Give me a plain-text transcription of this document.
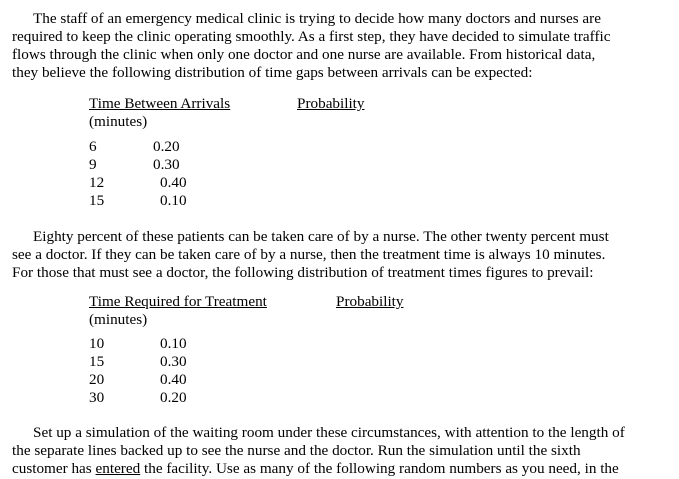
The staff of an emergency medical clinic is trying to decide how many doctors and nurses are
required to keep the clinic operating smoothly. As a first step, they have decided to simulate traffic
flows through the clinic when only one doctor and one nurse are available. From historical data,
they believe the following distribution of time gaps between arrivals can be expected:
Time Between Arrivals	Probability
(minutes)
6	0.20
9	0.30
12	0.40
15	0.10
Eighty percent of these patients can be taken care of by a nurse. The other twenty percent must
see a doctor. If they can be taken care of by a nurse, then the treatment time is always 10 minutes.
For those that must see a doctor, the following distribution of treatment times figures to prevail:
Time Required for Treatment	Probability
(minutes)
10	0.10
15	0.30
20	0.40
30	0.20
Set up a simulation of the waiting room under these circumstances, with attention to the length of
the separate lines backed up to see the nurse and the doctor. Run the simulation until the sixth
customer has entered the facility. Use as many of the following random numbers as you need, in the
